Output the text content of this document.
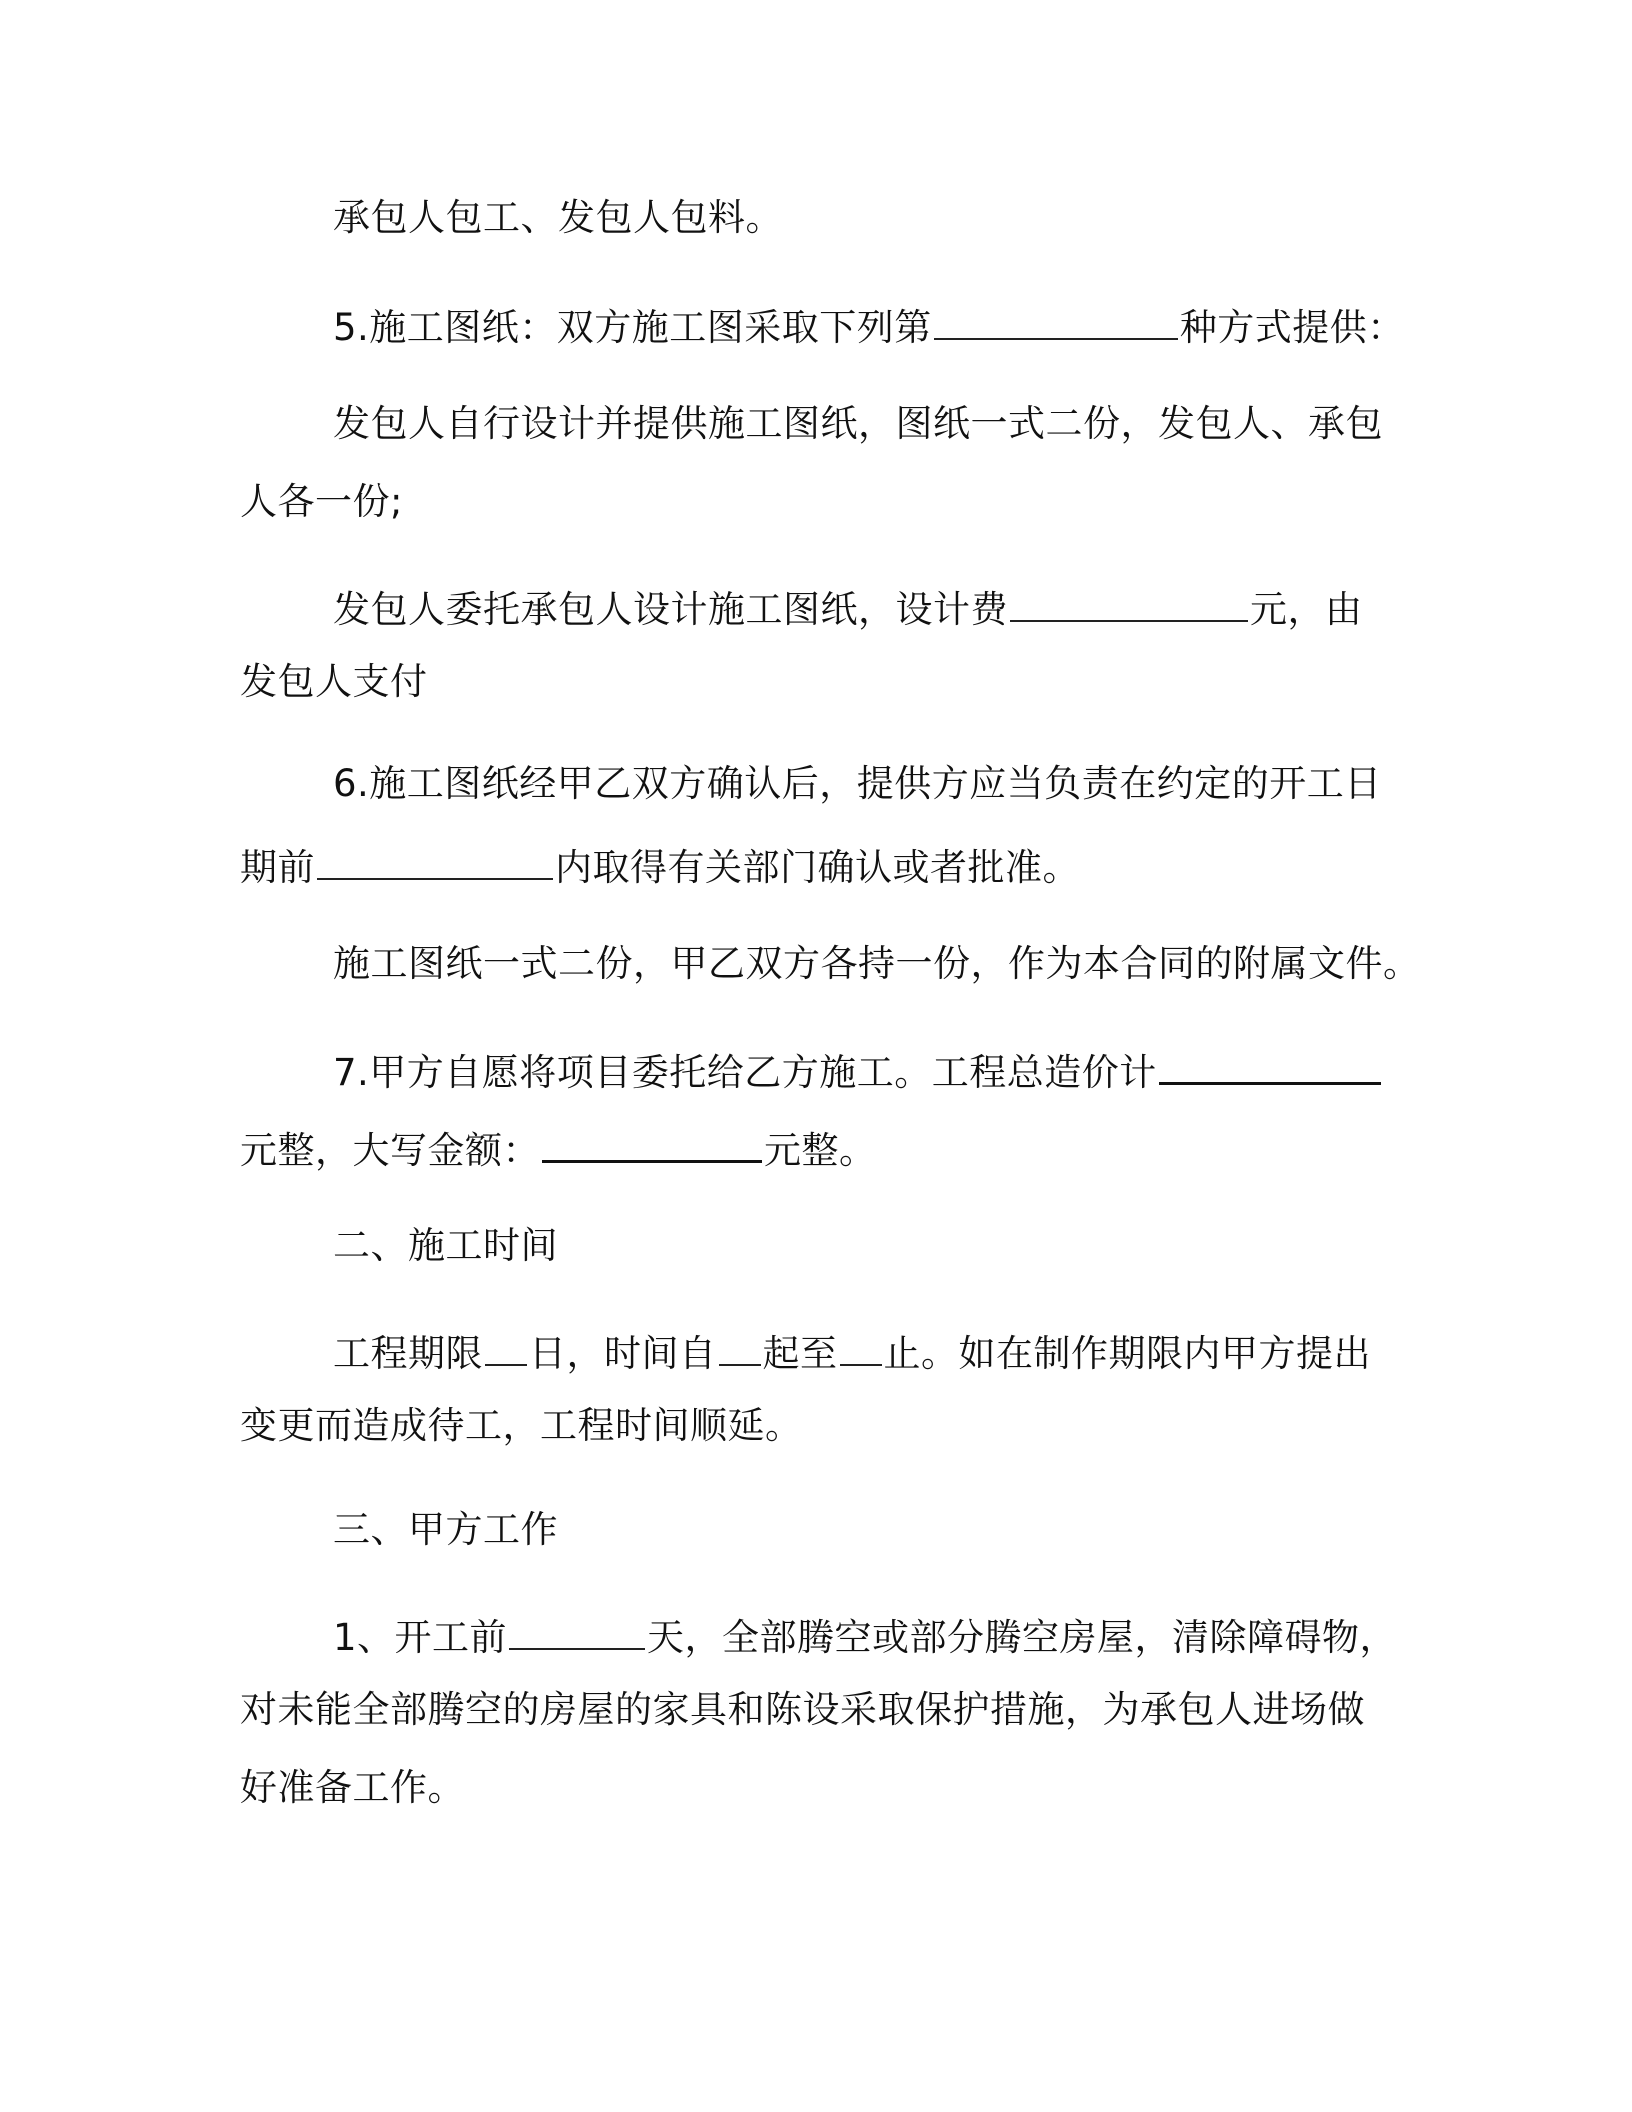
承包人包工、发包人包料。
5.施工图纸：双方施工图采取下列第	种方式提供：
发包人自行设计并提供施工图纸，图纸一式二份，发包人、承包
人各一份;
发包人委托承包人设计施工图纸，设计费	元，由
发包人支付
6.施工图纸经甲乙双方确认后，提供方应当负责在约定的开工日
期前	内取得有关部门确认或者批准。
施工图纸一式二份，甲乙双方各持一份，作为本合同的附属文件。
7.甲方自愿将项目委托给乙方施工。工程总造价计
元整，大写金额：	元整。
二、施工时间
工程期限 日，时间自 起至 止。如在制作期限内甲方提出
变更而造成待工，工程时间顺延。
三、甲方工作
1、开工前	天，全部腾空或部分腾空房屋，清除障碍物，
对未能全部腾空的房屋的家具和陈设采取保护措施，为承包人进场做
好准备工作。
